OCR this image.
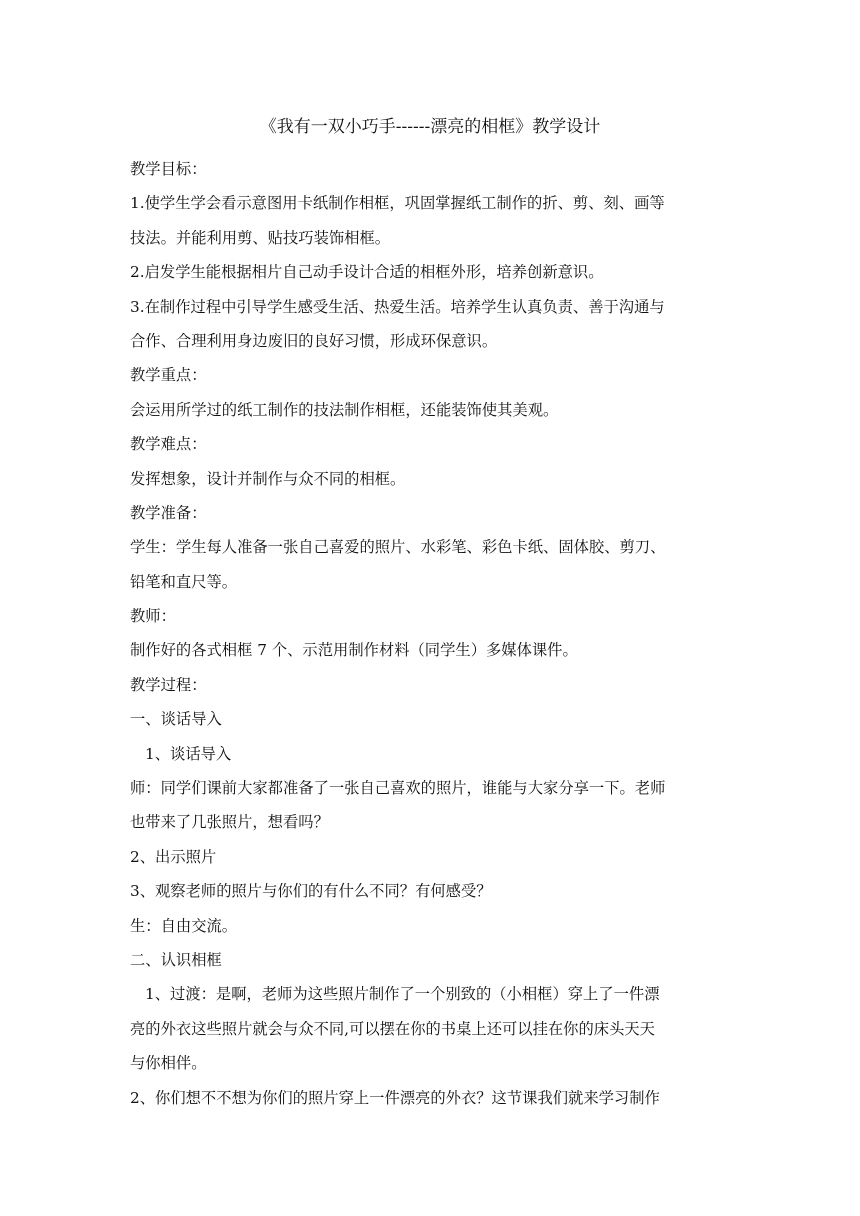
《我有一双小巧手------漂亮的相框》教学设计
教学目标：
1.使学生学会看示意图用卡纸制作相框，巩固掌握纸工制作的折、剪、刻、画等
技法。并能利用剪、贴技巧装饰相框。
2.启发学生能根据相片自己动手设计合适的相框外形，培养创新意识。
3.在制作过程中引导学生感受生活、热爱生活。培养学生认真负责、善于沟通与
合作、合理利用身边废旧的良好习惯，形成环保意识。
教学重点：
会运用所学过的纸工制作的技法制作相框，还能装饰使其美观。
教学难点：
发挥想象，设计并制作与众不同的相框。
教学准备：
学生：学生每人准备一张自己喜爱的照片、水彩笔、彩色卡纸、固体胶、剪刀、
铅笔和直尺等。
教师：
制作好的各式相框 7 个、示范用制作材料（同学生）多媒体课件。
教学过程：
一、谈话导入
1、谈话导入
师：同学们课前大家都准备了一张自己喜欢的照片，谁能与大家分享一下。老师
也带来了几张照片，想看吗？
2、出示照片
3、观察老师的照片与你们的有什么不同？有何感受？
生：自由交流。
二、认识相框
1、过渡：是啊，老师为这些照片制作了一个别致的（小相框）穿上了一件漂
亮的外衣这些照片就会与众不同,可以摆在你的书桌上还可以挂在你的床头天天
与你相伴。
2、你们想不不想为你们的照片穿上一件漂亮的外衣？这节课我们就来学习制作
